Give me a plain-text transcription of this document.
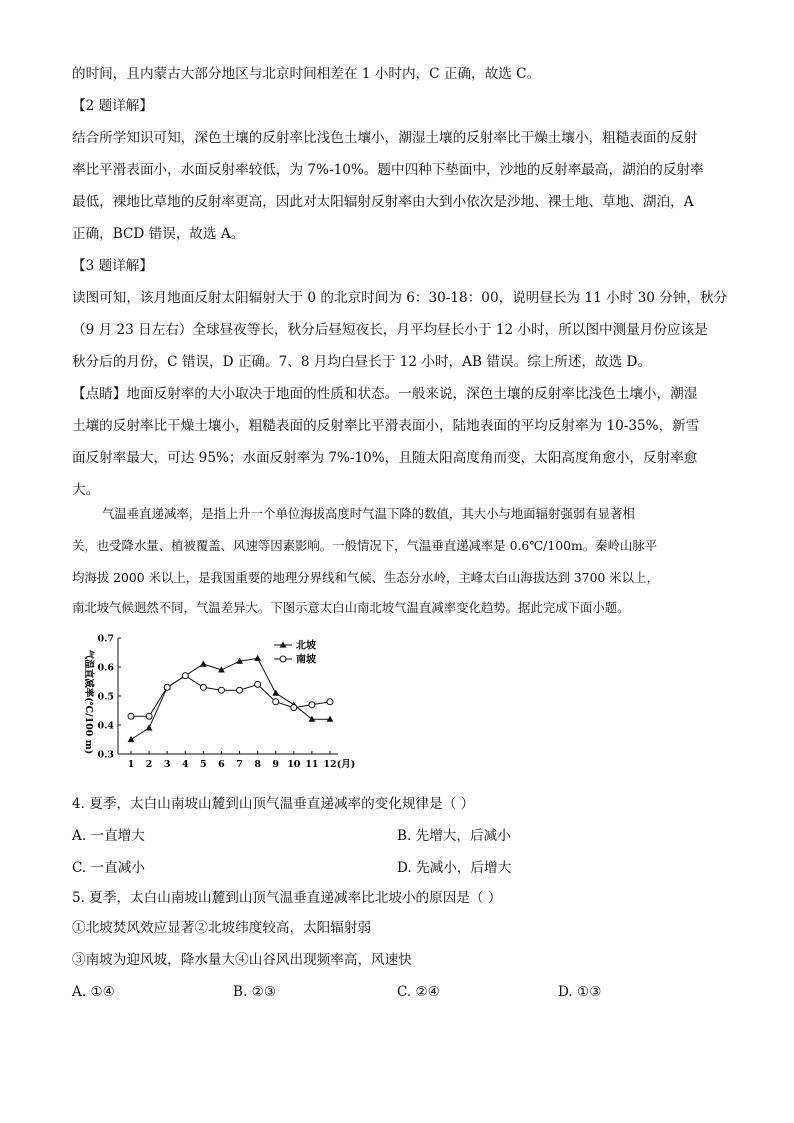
的时间，且内蒙古大部分地区与北京时间相差在 1 小时内，C 正确，故选 C。
【2 题详解】
结合所学知识可知，深色土壤的反射率比浅色土壤小，潮湿土壤的反射率比干燥土壤小，粗糙表面的反射
率比平滑表面小，水面反射率较低，为 7%-10%。题中四种下垫面中，沙地的反射率最高，湖泊的反射率
最低，裸地比草地的反射率更高，因此对太阳辐射反射率由大到小依次是沙地、裸土地、草地、湖泊，A
正确，BCD 错误，故选 A。
【3 题详解】
读图可知，该月地面反射太阳辐射大于 0 的北京时间为 6：30-18：00，说明昼长为 11 小时 30 分钟，秋分
（9 月 23 日左右）全球昼夜等长，秋分后昼短夜长，月平均昼长小于 12 小时，所以图中测量月份应该是
秋分后的月份，C 错误，D 正确。7、8 月均白昼长于 12 小时，AB 错误。综上所述，故选 D。
【点睛】地面反射率的大小取决于地面的性质和状态。一般来说，深色土壤的反射率比浅色土壤小，潮湿
土壤的反射率比干燥土壤小，粗糙表面的反射率比平滑表面小，陆地表面的平均反射率为 10-35%，新雪
面反射率最大，可达 95%；水面反射率为 7%-10%，且随太阳高度角而变，太阳高度角愈小，反射率愈
大。
气温垂直递减率，是指上升一个单位海拔高度时气温下降的数值，其大小与地面辐射强弱有显著相
关，也受降水量、植被覆盖、风速等因素影响。一般情况下，气温垂直递减率是 0.6℃/100m。秦岭山脉平
均海拔 2000 米以上，是我国重要的地理分界线和气候、生态分水岭，主峰太白山海拔达到 3700 米以上，
南北坡气候迥然不同，气温差异大。下图示意太白山南北坡气温直减率变化趋势。据此完成下面小题。
0.3
0.4
0.5
0.6
0.7
1 2 3 4 5 6 7 8 9 10 11 12 (月)
气温直减率(℃/100 m)
北坡
南坡
4. 夏季，太白山南坡山麓到山顶气温垂直递减率的变化规律是（ ）
A. 一直增大	B. 先增大，后减小
C. 一直减小	D. 先减小，后增大
5. 夏季，太白山南坡山麓到山顶气温垂直递减率比北坡小的原因是（ ）
①北坡焚风效应显著②北坡纬度较高，太阳辐射弱
③南坡为迎风坡，降水量大④山谷风出现频率高，风速快
A. ①④	B. ②③	C. ②④	D. ①③
